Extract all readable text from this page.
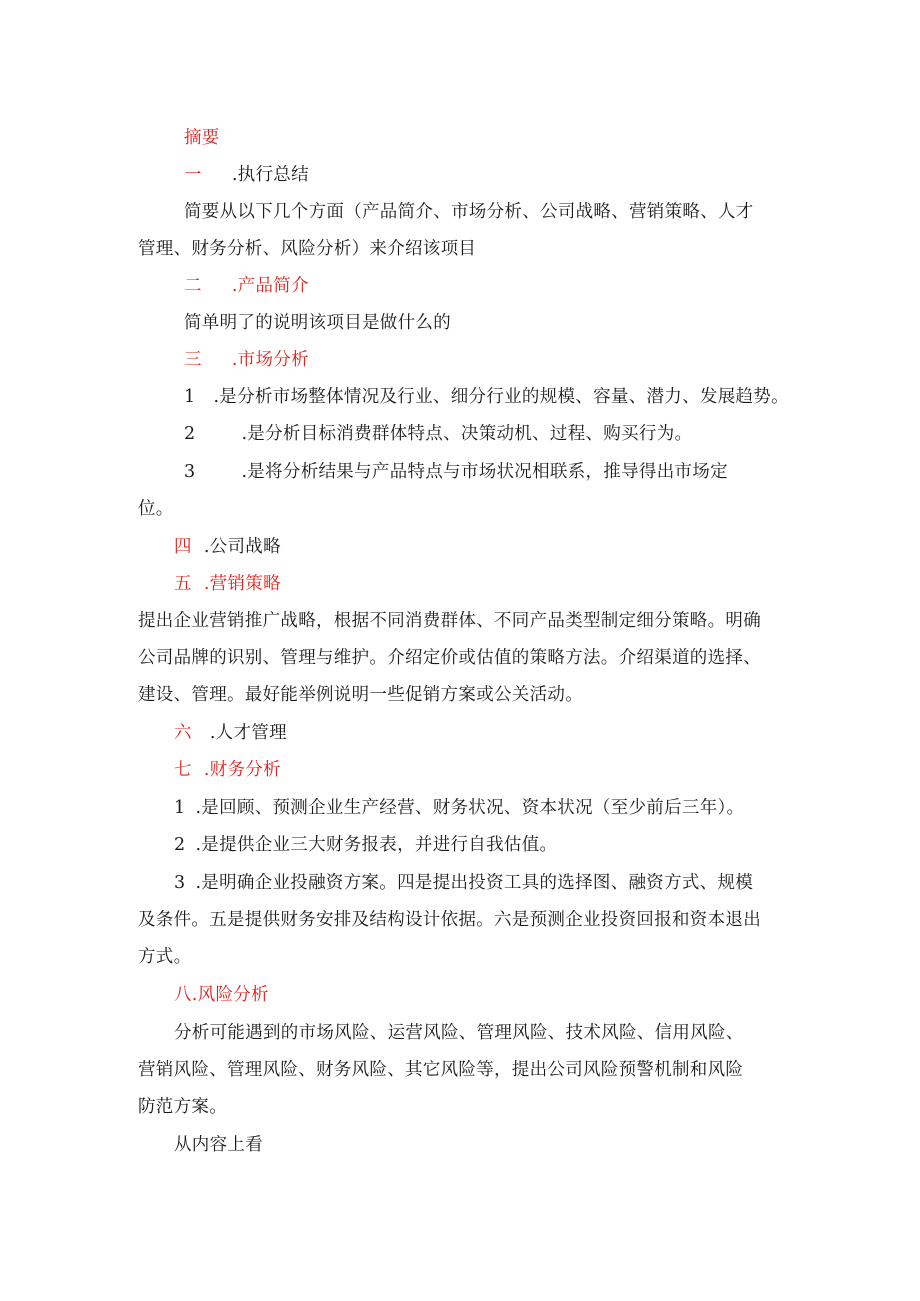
摘要
一 .执行总结
简要从以下几个方面（产品简介、市场分析、公司战略、营销策略、人才
管理、财务分析、风险分析）来介绍该项目
二 .产品简介
简单明了的说明该项目是做什么的
三 .市场分析
1 .是分析市场整体情况及行业、细分行业的规模、容量、潜力、发展趋势。
2	.是分析目标消费群体特点、决策动机、过程、购买行为。
3	.是将分析结果与产品特点与市场状况相联系，推导得出市场定
位。
四 .公司战略
五 .营销策略
提出企业营销推广战略，根据不同消费群体、不同产品类型制定细分策略。明确
公司品牌的识别、管理与维护。介绍定价或估值的策略方法。介绍渠道的选择、
建设、管理。最好能举例说明一些促销方案或公关活动。
六 .人才管理
七 .财务分析
1 .是回顾、预测企业生产经营、财务状况、资本状况（至少前后三年）。
2 .是提供企业三大财务报表，并进行自我估值。
3 .是明确企业投融资方案。四是提出投资工具的选择图、融资方式、规模
及条件。五是提供财务安排及结构设计依据。六是预测企业投资回报和资本退出
方式。
八.风险分析
分析可能遇到的市场风险、运营风险、管理风险、技术风险、信用风险、
营销风险、管理风险、财务风险、其它风险等，提出公司风险预警机制和风险
防范方案。
从内容上看
